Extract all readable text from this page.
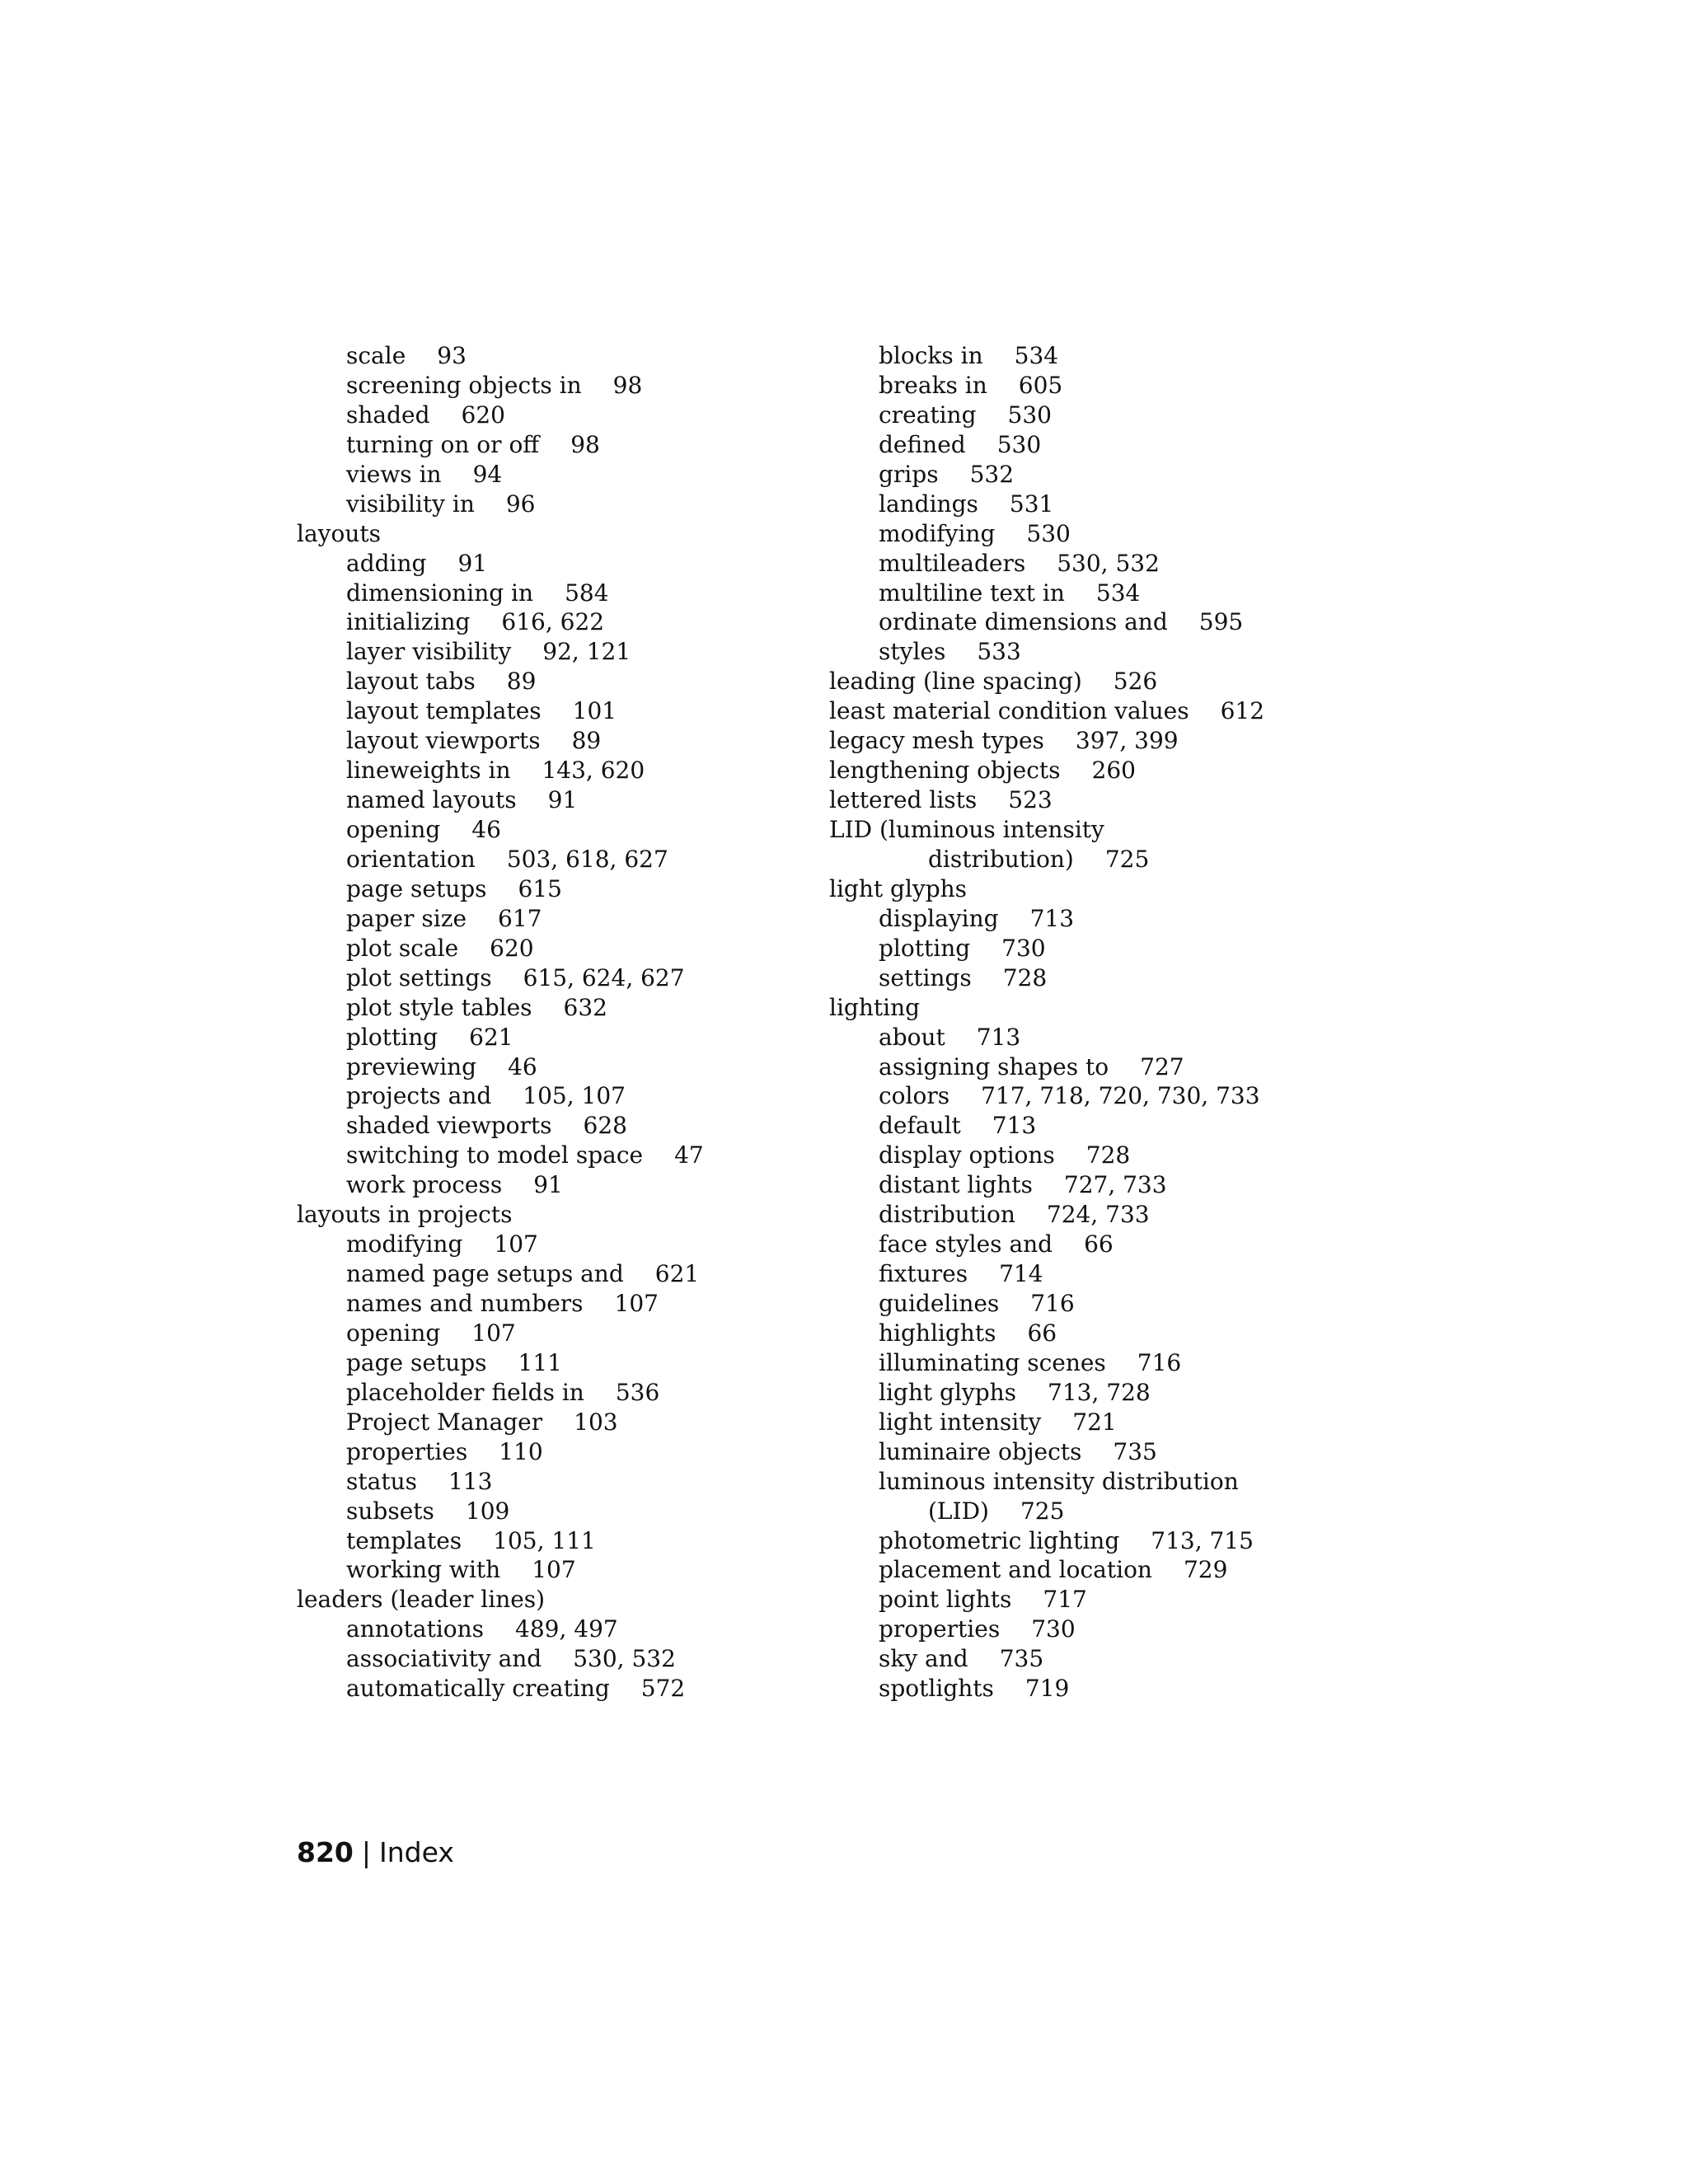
scale 93
screening objects in 98
shaded 620
turning on or off 98
views in 94
visibility in 96
layouts
adding 91
dimensioning in 584
initializing 616, 622
layer visibility 92, 121
layout tabs 89
layout templates 101
layout viewports 89
lineweights in 143, 620
named layouts 91
opening 46
orientation 503, 618, 627
page setups 615
paper size 617
plot scale 620
plot settings 615, 624, 627
plot style tables 632
plotting 621
previewing 46
projects and 105, 107
shaded viewports 628
switching to model space 47
work process 91
layouts in projects
modifying 107
named page setups and 621
names and numbers 107
opening 107
page setups 111
placeholder fields in 536
Project Manager 103
properties 110
status 113
subsets 109
templates 105, 111
working with 107
leaders (leader lines)
annotations 489, 497
associativity and 530, 532
automatically creating 572
blocks in 534
breaks in 605
creating 530
defined 530
grips 532
landings 531
modifying 530
multileaders 530, 532
multiline text in 534
ordinate dimensions and 595
styles 533
leading (line spacing) 526
least material condition values 612
legacy mesh types 397, 399
lengthening objects 260
lettered lists 523
LID (luminous intensity
distribution) 725
light glyphs
displaying 713
plotting 730
settings 728
lighting
about 713
assigning shapes to 727
colors 717, 718, 720, 730, 733
default 713
display options 728
distant lights 727, 733
distribution 724, 733
face styles and 66
fixtures 714
guidelines 716
highlights 66
illuminating scenes 716
light glyphs 713, 728
light intensity 721
luminaire objects 735
luminous intensity distribution
(LID) 725
photometric lighting 713, 715
placement and location 729
point lights 717
properties 730
sky and 735
spotlights 719
820 | Index
